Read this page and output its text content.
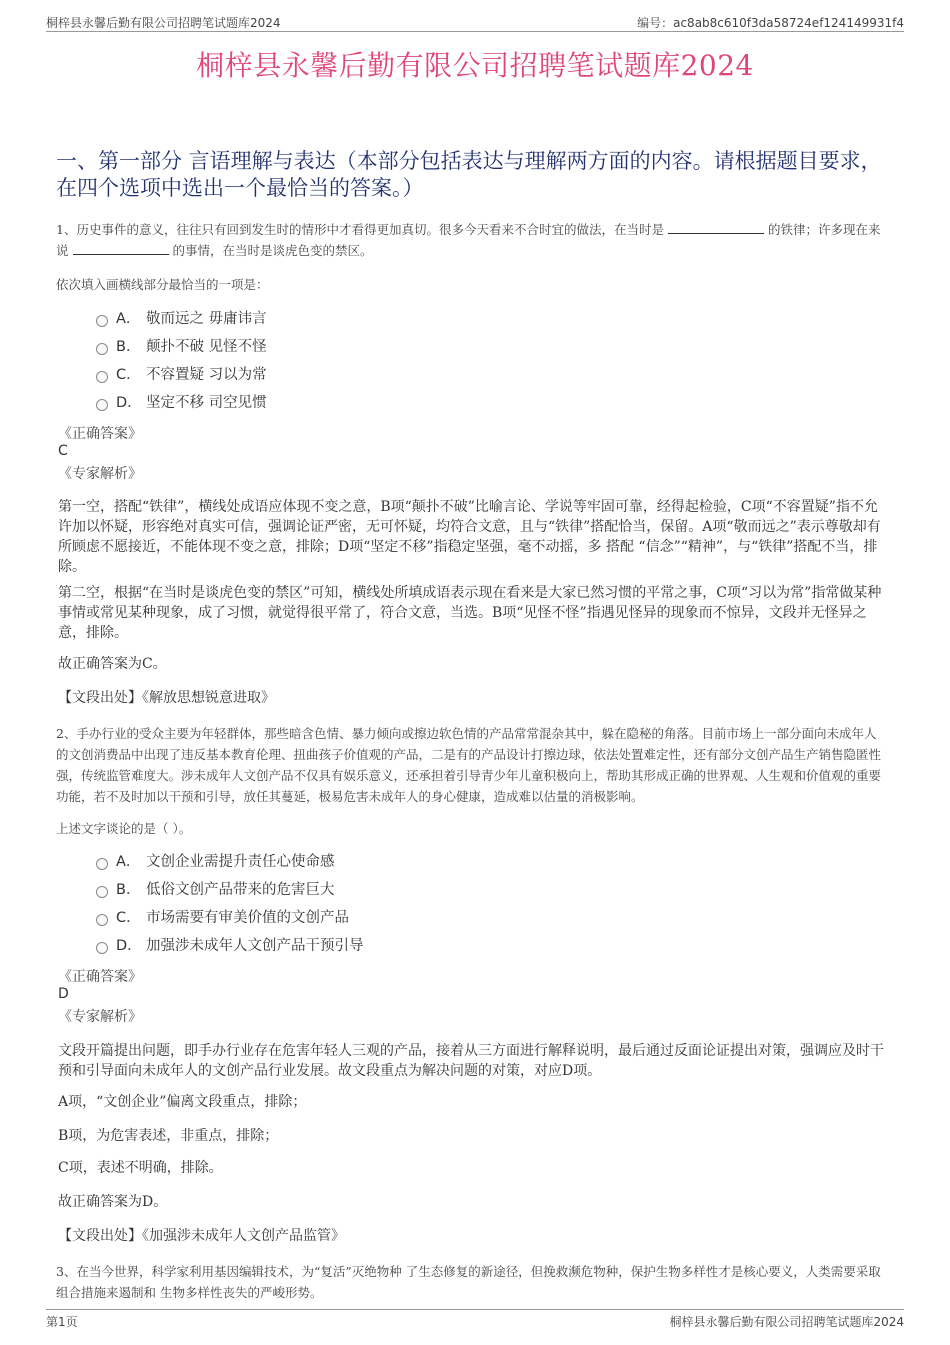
桐梓县永馨后勤有限公司招聘笔试题库2024	编号：ac8ab8c610f3da58724ef124149931f4
桐梓县永馨后勤有限公司招聘笔试题库2024
一、第一部分 言语理解与表达（本部分包括表达与理解两方面的内容。请根据题目要求，在四个选项中选出一个最恰当的答案。）
1、历史事件的意义，往往只有回到发生时的情形中才看得更加真切。很多今天看来不合时宜的做法，在当时是	的铁律；许多现在来说	的事情，在当时是谈虎色变的禁区。
依次填入画横线部分最恰当的一项是：
A． 敬而远之 毋庸讳言
B． 颠扑不破 见怪不怪
C． 不容置疑 习以为常
D． 坚定不移 司空见惯
《正确答案》
C
《专家解析》
第一空，搭配“铁律”，横线处成语应体现不变之意，B项“颠扑不破”比喻言论、学说等牢固可靠，经得起检验，C项“不容置疑”指不允许加以怀疑，形容绝对真实可信，强调论证严密，无可怀疑，均符合文意，且与“铁律”搭配恰当，保留。A项“敬而远之”表示尊敬却有所顾虑不愿接近，不能体现不变之意，排除；D项“坚定不移”指稳定坚强，毫不动摇，多 搭配 “信念”“精神”，与“铁律”搭配不当，排除。
第二空，根据“在当时是谈虎色变的禁区”可知，横线处所填成语表示现在看来是大家已然习惯的平常之事，C项“习以为常”指常做某种事情或常见某种现象，成了习惯，就觉得很平常了，符合文意，当选。B项“见怪不怪”指遇见怪异的现象而不惊异，文段并无怪异之意，排除。
故正确答案为C。
【文段出处】《解放思想锐意进取》
2、手办行业的受众主要为年轻群体，那些暗含色情、暴力倾向或擦边软色情的产品常常混杂其中，躲在隐秘的角落。目前市场上一部分面向未成年人的文创消费品中出现了违反基本教育伦理、扭曲孩子价值观的产品，二是有的产品设计打擦边球，依法处置难定性，还有部分文创产品生产销售隐匿性强，传统监管难度大。涉未成年人文创产品不仅具有娱乐意义，还承担着引导青少年儿童积极向上，帮助其形成正确的世界观、人生观和价值观的重要功能，若不及时加以干预和引导，放任其蔓延，极易危害未成年人的身心健康，造成难以估量的消极影响。
上述文字谈论的是（ ）。
A． 文创企业需提升责任心使命感
B． 低俗文创产品带来的危害巨大
C． 市场需要有审美价值的文创产品
D． 加强涉未成年人文创产品干预引导
《正确答案》
D
《专家解析》
文段开篇提出问题，即手办行业存在危害年轻人三观的产品，接着从三方面进行解释说明，最后通过反面论证提出对策，强调应及时干预和引导面向未成年人的文创产品行业发展。故文段重点为解决问题的对策，对应D项。
A项，“文创企业”偏离文段重点，排除；
B项，为危害表述，非重点，排除；
C项，表述不明确，排除。
故正确答案为D。
【文段出处】《加强涉未成年人文创产品监管》
3、在当今世界，科学家利用基因编辑技术，为“复活”灭绝物种 了生态修复的新途径，但挽救濒危物种，保护生物多样性才是核心要义，人类需要采取组合措施来遏制和 生物多样性丧失的严峻形势。
第1页	桐梓县永馨后勤有限公司招聘笔试题库2024
